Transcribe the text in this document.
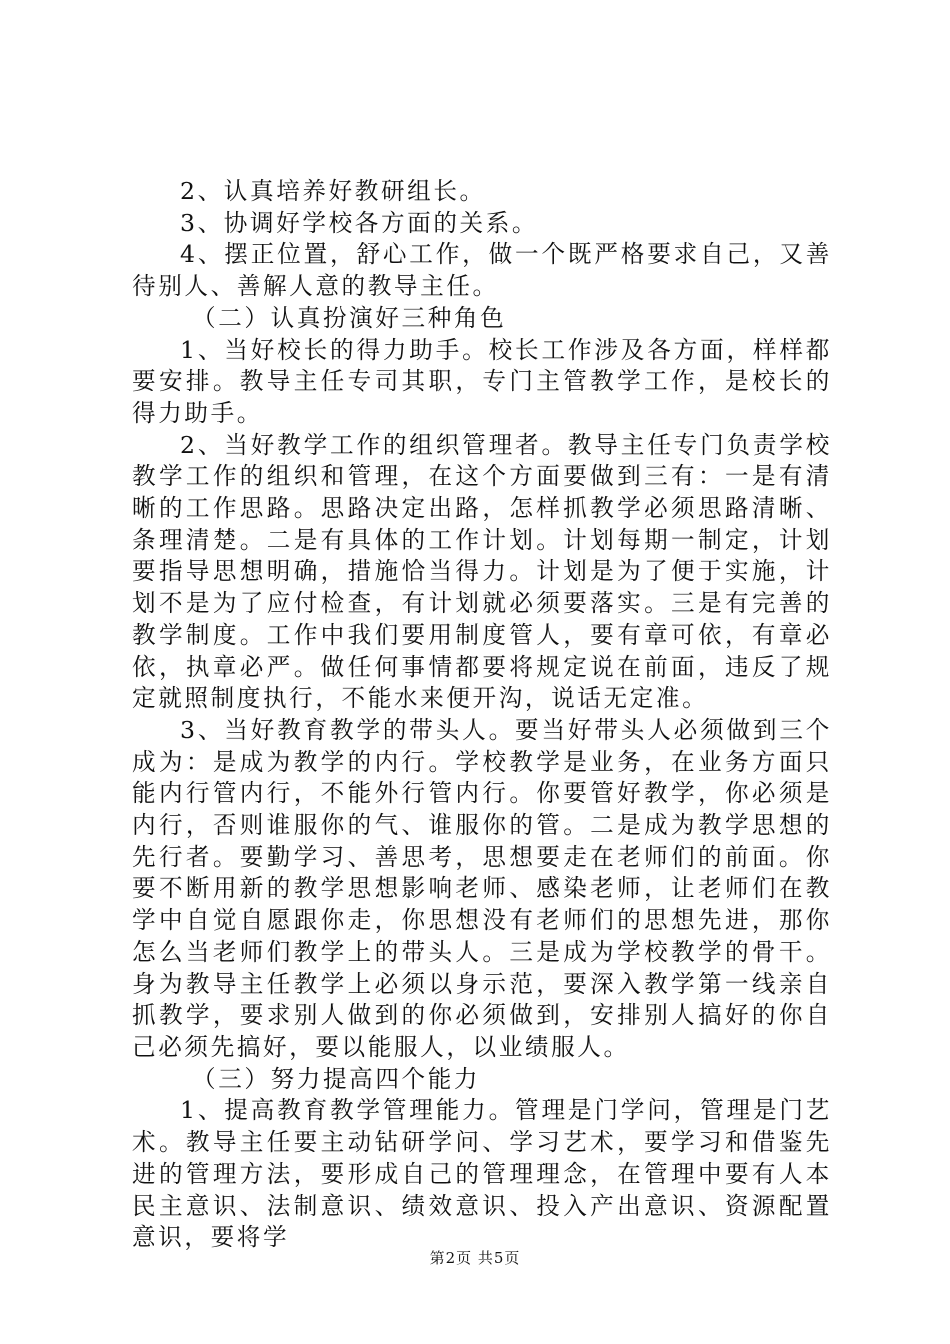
2、认真培养好教研组长。

3、协调好学校各方面的关系。

4、摆正位置，舒心工作，做一个既严格要求自己，又善待别人、善解人意的教导主任。

（二）认真扮演好三种角色

1、当好校长的得力助手。校长工作涉及各方面，样样都要安排。教导主任专司其职，专门主管教学工作，是校长的得力助手。

2、当好教学工作的组织管理者。教导主任专门负责学校教学工作的组织和管理，在这个方面要做到三有：一是有清晰的工作思路。思路决定出路，怎样抓教学必须思路清晰、条理清楚。二是有具体的工作计划。计划每期一制定，计划要指导思想明确，措施恰当得力。计划是为了便于实施，计划不是为了应付检查，有计划就必须要落实。三是有完善的教学制度。工作中我们要用制度管人，要有章可依，有章必依，执章必严。做任何事情都要将规定说在前面，违反了规定就照制度执行，不能水来便开沟，说话无定准。

3、当好教育教学的带头人。要当好带头人必须做到三个成为：是成为教学的内行。学校教学是业务，在业务方面只能内行管内行，不能外行管内行。你要管好教学，你必须是内行，否则谁服你的气、谁服你的管。二是成为教学思想的先行者。要勤学习、善思考，思想要走在老师们的前面。你要不断用新的教学思想影响老师、感染老师，让老师们在教学中自觉自愿跟你走，你思想没有老师们的思想先进，那你怎么当老师们教学上的带头人。三是成为学校教学的骨干。身为教导主任教学上必须以身示范，要深入教学第一线亲自抓教学，要求别人做到的你必须做到，安排别人搞好的你自己必须先搞好，要以能服人，以业绩服人。

（三）努力提高四个能力

1、提高教育教学管理能力。管理是门学问，管理是门艺术。教导主任要主动钻研学问、学习艺术，要学习和借鉴先进的管理方法，要形成自己的管理理念，在管理中要有人本民主意识、法制意识、绩效意识、投入产出意识、资源配置意识，要将学

第2页 共5页
